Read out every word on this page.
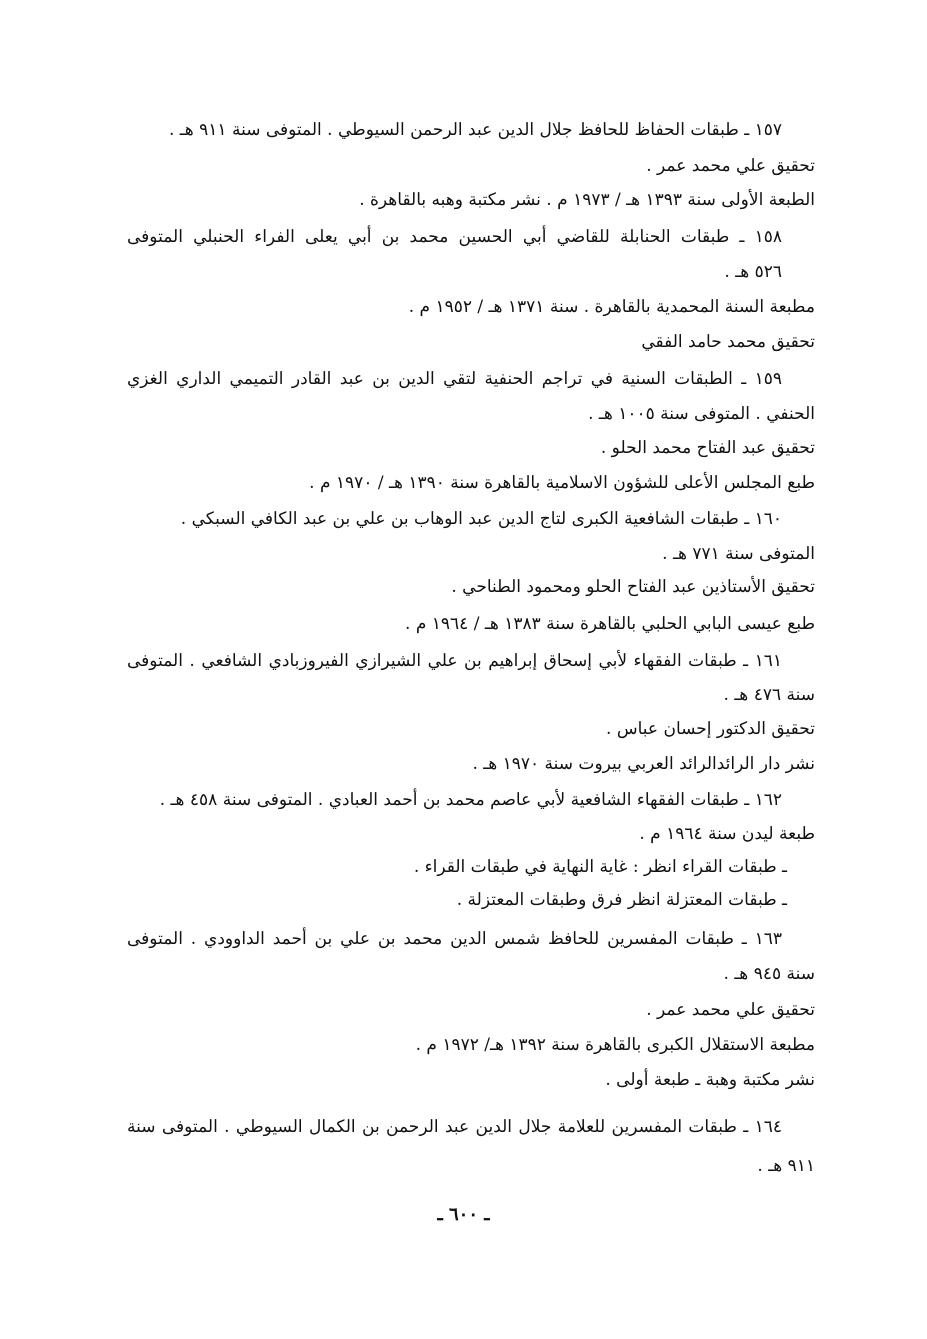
١٥٧ ـ طبقات الحفاظ للحافظ جلال الدين عبد الرحمن السيوطي . المتوفى سنة ٩١١ هـ .
تحقيق علي محمد عمر .
الطبعة الأولى سنة ١٣٩٣ هـ / ١٩٧٣ م . نشر مكتبة وهبه بالقاهرة .
١٥٨ ـ طبقات الحنابلة للقاضي أبي الحسين محمد بن أبي يعلى الفراء الحنبلي المتوفى
٥٢٦ هـ .
مطبعة السنة المحمدية بالقاهرة . سنة ١٣٧١ هـ / ١٩٥٢ م .
تحقيق محمد حامد الفقي
١٥٩ ـ الطبقات السنية في تراجم الحنفية لتقي الدين بن عبد القادر التميمي الداري الغزي
الحنفي . المتوفى سنة ١٠٠٥ هـ .
تحقيق عبد الفتاح محمد الحلو .
طبع المجلس الأعلى للشؤون الاسلامية بالقاهرة سنة ١٣٩٠ هـ / ١٩٧٠ م .
١٦٠ ـ طبقات الشافعية الكبرى لتاج الدين عبد الوهاب بن علي بن عبد الكافي السبكي .
المتوفى سنة ٧٧١ هـ .
تحقيق الأستاذين عبد الفتاح الحلو ومحمود الطناحي .
طبع عيسى البابي الحلبي بالقاهرة سنة ١٣٨٣ هـ / ١٩٦٤ م .
١٦١ ـ طبقات الفقهاء لأبي إسحاق إبراهيم بن علي الشيرازي الفيروزبادي الشافعي . المتوفى
سنة ٤٧٦ هـ .
تحقيق الدكتور إحسان عباس .
نشر دار الرائدالرائد العربي بيروت سنة ١٩٧٠ هـ .
١٦٢ ـ طبقات الفقهاء الشافعية لأبي عاصم محمد بن أحمد العبادي . المتوفى سنة ٤٥٨ هـ .
طبعة ليدن سنة ١٩٦٤ م .
ـ طبقات القراء انظر : غاية النهاية في طبقات القراء .
ـ طبقات المعتزلة انظر فرق وطبقات المعتزلة .
١٦٣ ـ طبقات المفسرين للحافظ شمس الدين محمد بن علي بن أحمد الداوودي . المتوفى
سنة ٩٤٥ هـ .
تحقيق علي محمد عمر .
مطبعة الاستقلال الكبرى بالقاهرة سنة ١٣٩٢ هـ/ ١٩٧٢ م .
نشر مكتبة وهبة ـ طبعة أولى .
١٦٤ ـ طبقات المفسرين للعلامة جلال الدين عبد الرحمن بن الكمال السيوطي . المتوفى سنة
٩١١ هـ .
ـ ٦٠٠ ـ
